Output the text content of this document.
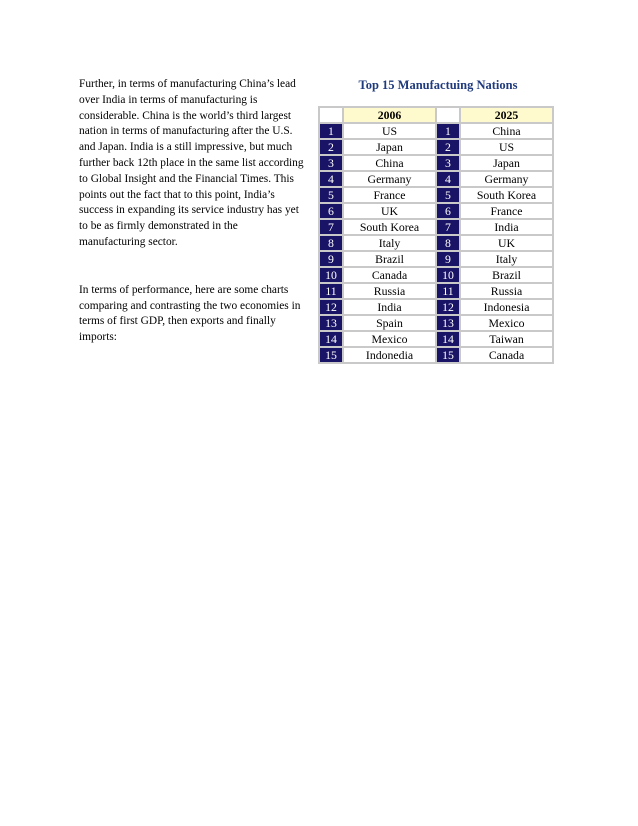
Further, in terms of manufacturing China’s lead over India in terms of manufacturing is considerable. China is the world’s third largest nation in terms of manufacturing after the U.S. and Japan. India is a still impressive, but much further back 12th place in the same list according to Global Insight and the Financial Times. This points out the fact that to this point, India’s success in expanding its service industry has yet to be as firmly demonstrated in the manufacturing sector.

In terms of performance, here are some charts comparing and contrasting the two economies in terms of first GDP, then exports and finally imports:

Top 15 Manufactuing Nations
	2006		2025
1	US	1	China
2	Japan	2	US
3	China	3	Japan
4	Germany	4	Germany
5	France	5	South Korea
6	UK	6	France
7	South Korea	7	India
8	Italy	8	UK
9	Brazil	9	Italy
10	Canada	10	Brazil
11	Russia	11	Russia
12	India	12	Indonesia
13	Spain	13	Mexico
14	Mexico	14	Taiwan
15	Indonedia	15	Canada
